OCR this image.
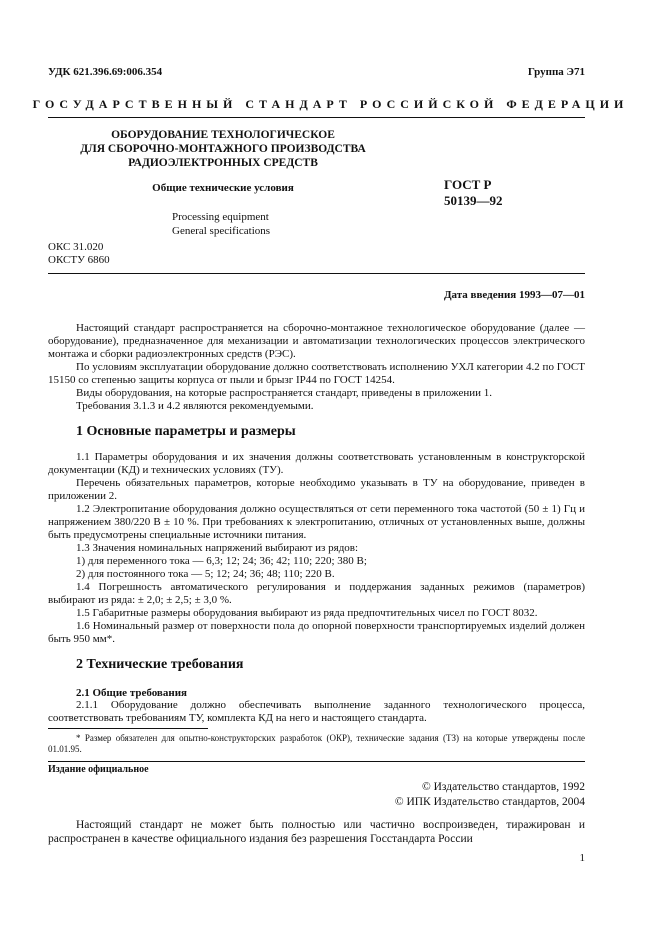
УДК 621.396.69:006.354	Группа Э71
ГОСУДАРСТВЕННЫЙ СТАНДАРТ РОССИЙСКОЙ ФЕДЕРАЦИИ
ОБОРУДОВАНИЕ ТЕХНОЛОГИЧЕСКОЕ
ДЛЯ СБОРОЧНО-МОНТАЖНОГО ПРОИЗВОДСТВА
РАДИОЭЛЕКТРОННЫХ СРЕДСТВ
ГОСТ Р
50139—92
Общие технические условия
Processing equipment
General specifications
ОКС 31.020
ОКСТУ 6860
Дата введения 1993—07—01

Настоящий стандарт распространяется на сборочно-монтажное технологическое оборудование (далее — оборудование), предназначенное для механизации и автоматизации технологических процессов электрического монтажа и сборки радиоэлектронных средств (РЭС).

По условиям эксплуатации оборудование должно соответствовать исполнению УХЛ категории 4.2 по ГОСТ 15150 со степенью защиты корпуса от пыли и брызг IP44 по ГОСТ 14254.

Виды оборудования, на которые распространяется стандарт, приведены в приложении 1.

Требования 3.1.3 и 4.2 являются рекомендуемыми.

1 Основные параметры и размеры

1.1 Параметры оборудования и их значения должны соответствовать установленным в конструкторской документации (КД) и технических условиях (ТУ).

Перечень обязательных параметров, которые необходимо указывать в ТУ на оборудование, приведен в приложении 2.

1.2 Электропитание оборудования должно осуществляться от сети переменного тока частотой (50 ± 1) Гц и напряжением 380/220 В ± 10 %. При требованиях к электропитанию, отличных от установленных выше, должны быть предусмотрены специальные источники питания.

1.3 Значения номинальных напряжений выбирают из рядов:

1) для переменного тока — 6,3; 12; 24; 36; 42; 110; 220; 380 В;

2) для постоянного тока — 5; 12; 24; 36; 48; 110; 220 В.

1.4 Погрешность автоматического регулирования и поддержания заданных режимов (параметров) выбирают из ряда: ± 2,0; ± 2,5; ± 3,0 %.

1.5 Габаритные размеры оборудования выбирают из ряда предпочтительных чисел по ГОСТ 8032.

1.6 Номинальный размер от поверхности пола до опорной поверхности транспортируемых изделий должен быть 950 мм*.

2 Технические требования
2.1 Общие требования

2.1.1 Оборудование должно обеспечивать выполнение заданного технологического процесса, соответствовать требованиям ТУ, комплекта КД на него и настоящего стандарта.

* Размер обязателен для опытно-конструкторских разработок (ОКР), технические задания (ТЗ) на которые утверждены после 01.01.95.

Издание официальное
© Издательство стандартов, 1992
© ИПК Издательство стандартов, 2004

Настоящий стандарт не может быть полностью или частично воспроизведен, тиражирован и распространен в качестве официального издания без разрешения Госстандарта России

1
